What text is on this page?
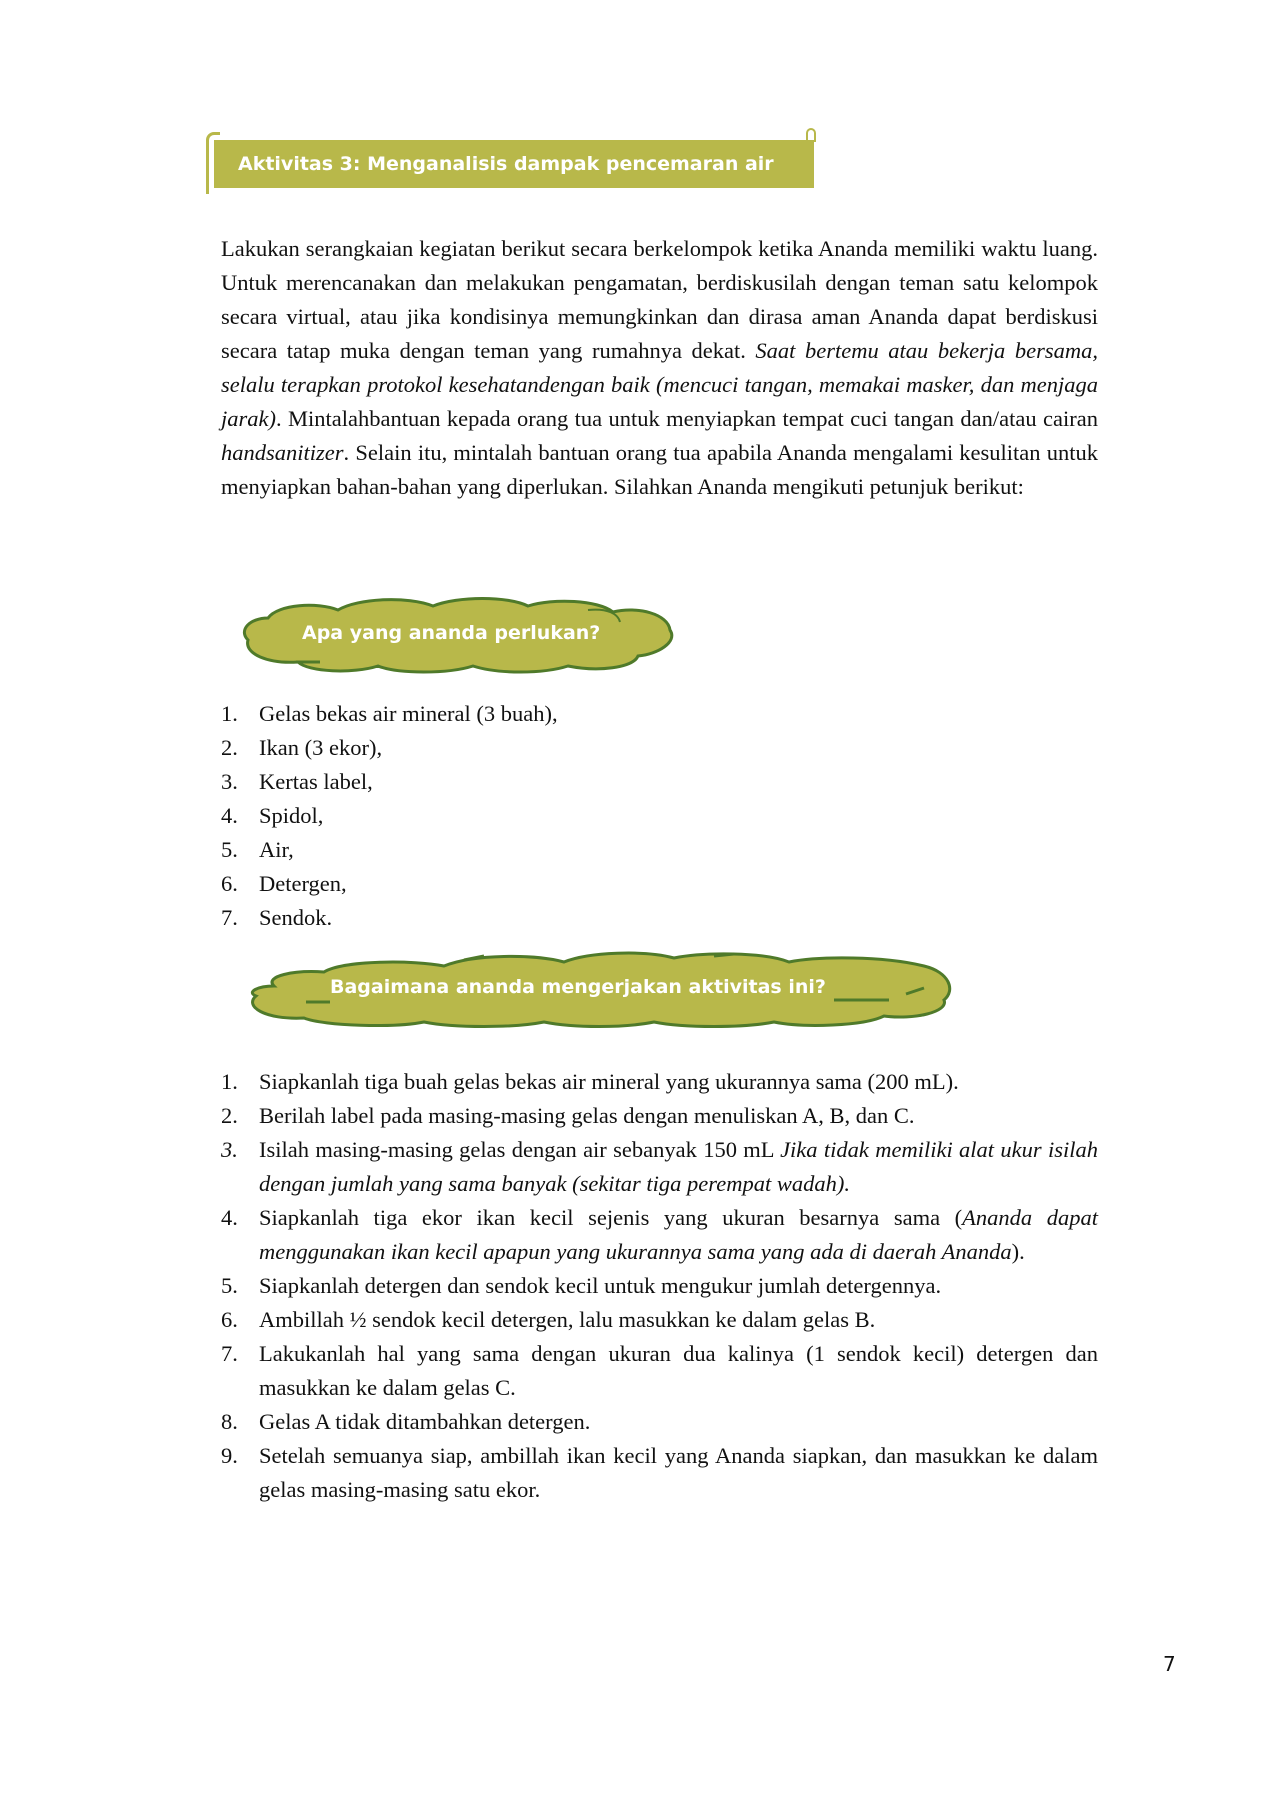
Aktivitas 3: Menganalisis dampak pencemaran air
Lakukan serangkaian kegiatan berikut secara berkelompok ketika Ananda memiliki waktu luang. Untuk merencanakan dan melakukan pengamatan, berdiskusilah dengan teman satu kelompok secara virtual, atau jika kondisinya memungkinkan dan dirasa aman Ananda dapat berdiskusi secara tatap muka dengan teman yang rumahnya dekat. Saat bertemu atau bekerja bersama, selalu terapkan protokol kesehatandengan baik (mencuci tangan, memakai masker, dan menjaga jarak). Mintalahbantuan kepada orang tua untuk menyiapkan tempat cuci tangan dan/atau cairan handsanitizer. Selain itu, mintalah bantuan orang tua apabila Ananda mengalami kesulitan untuk menyiapkan bahan-bahan yang diperlukan. Silahkan Ananda mengikuti petunjuk berikut:
Apa yang ananda perlukan?
1. Gelas bekas air mineral (3 buah),
2. Ikan (3 ekor),
3. Kertas label,
4. Spidol,
5. Air,
6. Detergen,
7. Sendok.
Bagaimana ananda mengerjakan aktivitas ini?
1. Siapkanlah tiga buah gelas bekas air mineral yang ukurannya sama (200 mL).
2. Berilah label pada masing-masing gelas dengan menuliskan A, B, dan C.
3. Isilah masing-masing gelas dengan air sebanyak 150 mL Jika tidak memiliki alat ukur isilah dengan jumlah yang sama banyak (sekitar tiga perempat wadah).
4. Siapkanlah tiga ekor ikan kecil sejenis yang ukuran besarnya sama (Ananda dapat menggunakan ikan kecil apapun yang ukurannya sama yang ada di daerah Ananda).
5. Siapkanlah detergen dan sendok kecil untuk mengukur jumlah detergennya.
6. Ambillah ½ sendok kecil detergen, lalu masukkan ke dalam gelas B.
7. Lakukanlah hal yang sama dengan ukuran dua kalinya (1 sendok kecil) detergen dan masukkan ke dalam gelas C.
8. Gelas A tidak ditambahkan detergen.
9. Setelah semuanya siap, ambillah ikan kecil yang Ananda siapkan, dan masukkan ke dalam gelas masing-masing satu ekor.
7
